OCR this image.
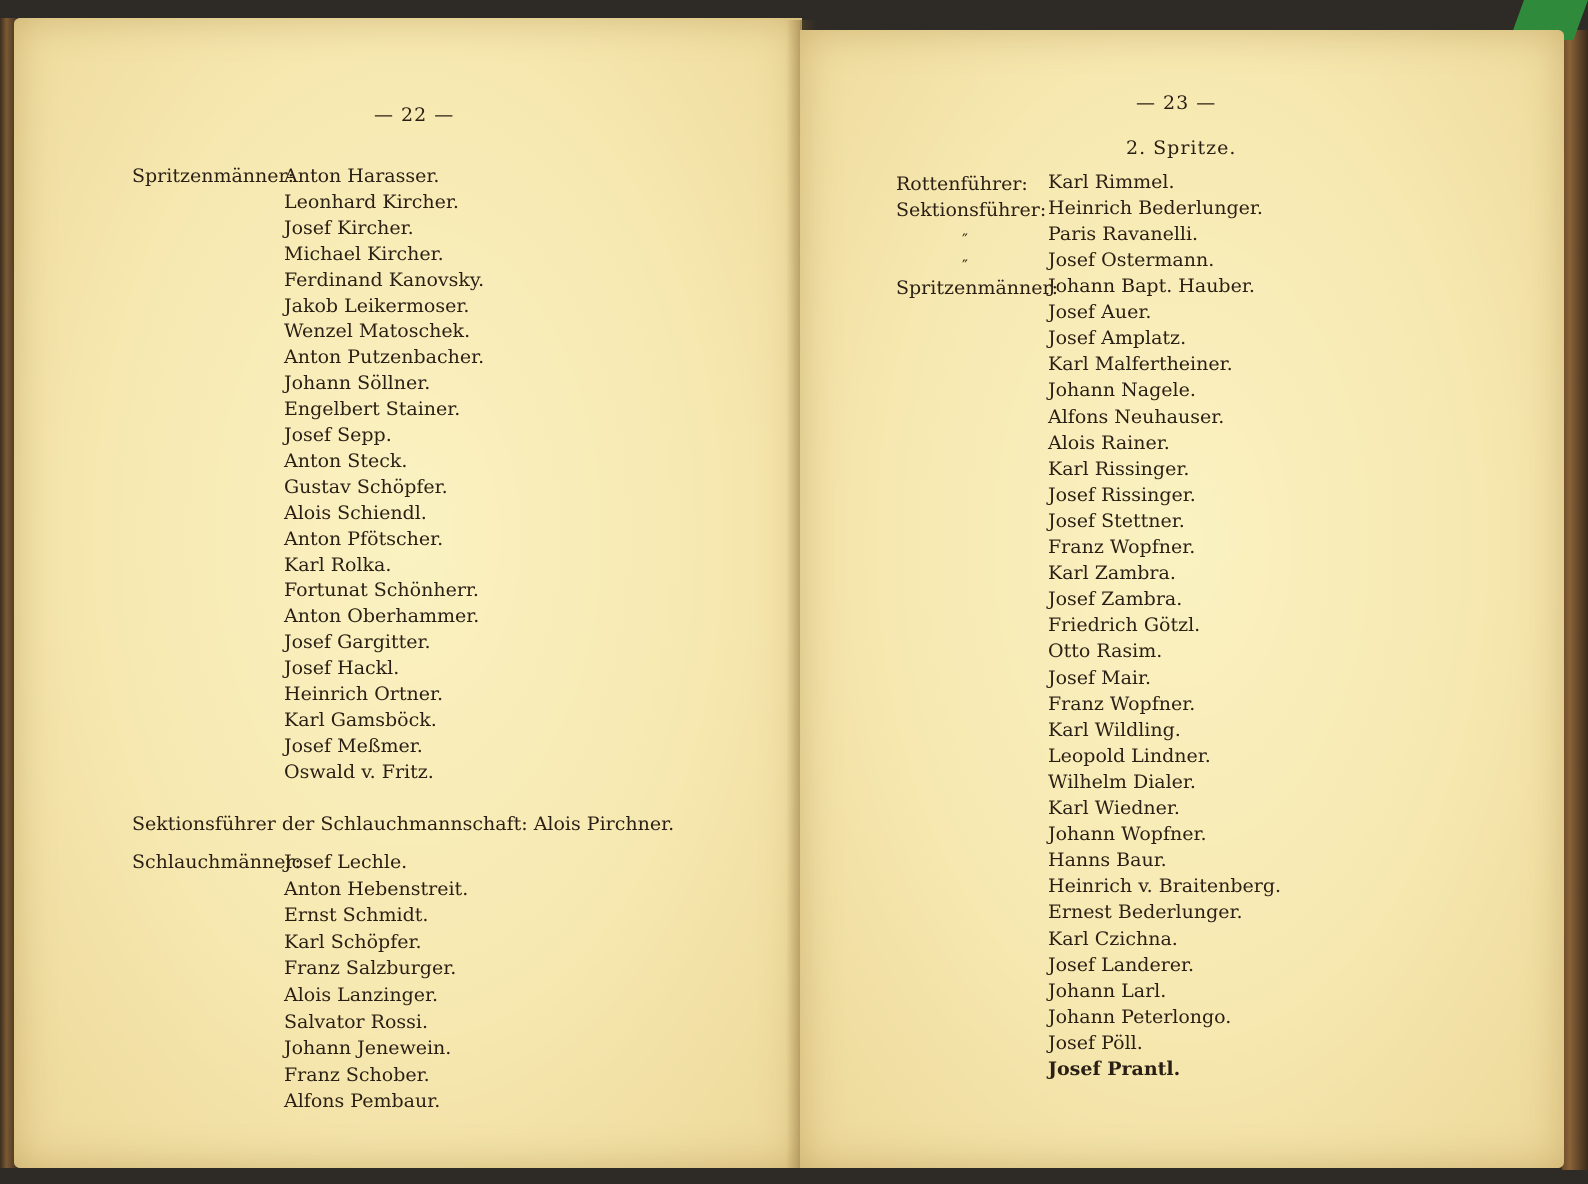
— 22 —
Spritzenmänner:
Anton Harasser.
Leonhard Kircher.
Josef Kircher.
Michael Kircher.
Ferdinand Kanovsky.
Jakob Leikermoser.
Wenzel Matoschek.
Anton Putzenbacher.
Johann Söllner.
Engelbert Stainer.
Josef Sepp.
Anton Steck.
Gustav Schöpfer.
Alois Schiendl.
Anton Pfötscher.
Karl Rolka.
Fortunat Schönherr.
Anton Oberhammer.
Josef Gargitter.
Josef Hackl.
Heinrich Ortner.
Karl Gamsböck.
Josef Meßmer.
Oswald v. Fritz.
Sektionsführer der Schlauchmannschaft: Alois Pirchner.
Schlauchmänner:
Josef Lechle.
Anton Hebenstreit.
Ernst Schmidt.
Karl Schöpfer.
Franz Salzburger.
Alois Lanzinger.
Salvator Rossi.
Johann Jenewein.
Franz Schober.
Alfons Pembaur.
— 23 —
2. Spritze.
Rottenführer: Karl Rimmel.
Sektionsführer:
″
″
Heinrich Bederlunger.
Paris Ravanelli.
Josef Ostermann.
Spritzenmänner:
Johann Bapt. Hauber.
Josef Auer.
Josef Amplatz.
Karl Malfertheiner.
Johann Nagele.
Alfons Neuhauser.
Alois Rainer.
Karl Rissinger.
Josef Rissinger.
Josef Stettner.
Franz Wopfner.
Karl Zambra.
Josef Zambra.
Friedrich Götzl.
Otto Rasim.
Josef Mair.
Franz Wopfner.
Karl Wildling.
Leopold Lindner.
Wilhelm Dialer.
Karl Wiedner.
Johann Wopfner.
Hanns Baur.
Heinrich v. Braitenberg.
Ernest Bederlunger.
Karl Czichna.
Josef Landerer.
Johann Larl.
Johann Peterlongo.
Josef Pöll.
Josef Prantl.
